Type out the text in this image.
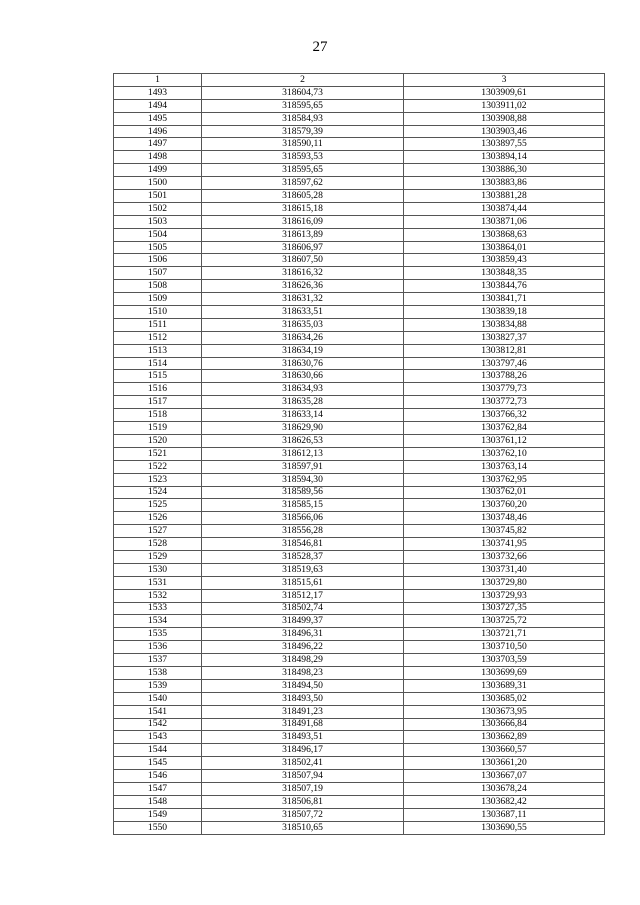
27
1	2	3
1493	318604,73	1303909,61
1494	318595,65	1303911,02
1495	318584,93	1303908,88
1496	318579,39	1303903,46
1497	318590,11	1303897,55
1498	318593,53	1303894,14
1499	318595,65	1303886,30
1500	318597,62	1303883,86
1501	318605,28	1303881,28
1502	318615,18	1303874,44
1503	318616,09	1303871,06
1504	318613,89	1303868,63
1505	318606,97	1303864,01
1506	318607,50	1303859,43
1507	318616,32	1303848,35
1508	318626,36	1303844,76
1509	318631,32	1303841,71
1510	318633,51	1303839,18
1511	318635,03	1303834,88
1512	318634,26	1303827,37
1513	318634,19	1303812,81
1514	318630,76	1303797,46
1515	318630,66	1303788,26
1516	318634,93	1303779,73
1517	318635,28	1303772,73
1518	318633,14	1303766,32
1519	318629,90	1303762,84
1520	318626,53	1303761,12
1521	318612,13	1303762,10
1522	318597,91	1303763,14
1523	318594,30	1303762,95
1524	318589,56	1303762,01
1525	318585,15	1303760,20
1526	318566,06	1303748,46
1527	318556,28	1303745,82
1528	318546,81	1303741,95
1529	318528,37	1303732,66
1530	318519,63	1303731,40
1531	318515,61	1303729,80
1532	318512,17	1303729,93
1533	318502,74	1303727,35
1534	318499,37	1303725,72
1535	318496,31	1303721,71
1536	318496,22	1303710,50
1537	318498,29	1303703,59
1538	318498,23	1303699,69
1539	318494,50	1303689,31
1540	318493,50	1303685,02
1541	318491,23	1303673,95
1542	318491,68	1303666,84
1543	318493,51	1303662,89
1544	318496,17	1303660,57
1545	318502,41	1303661,20
1546	318507,94	1303667,07
1547	318507,19	1303678,24
1548	318506,81	1303682,42
1549	318507,72	1303687,11
1550	318510,65	1303690,55
